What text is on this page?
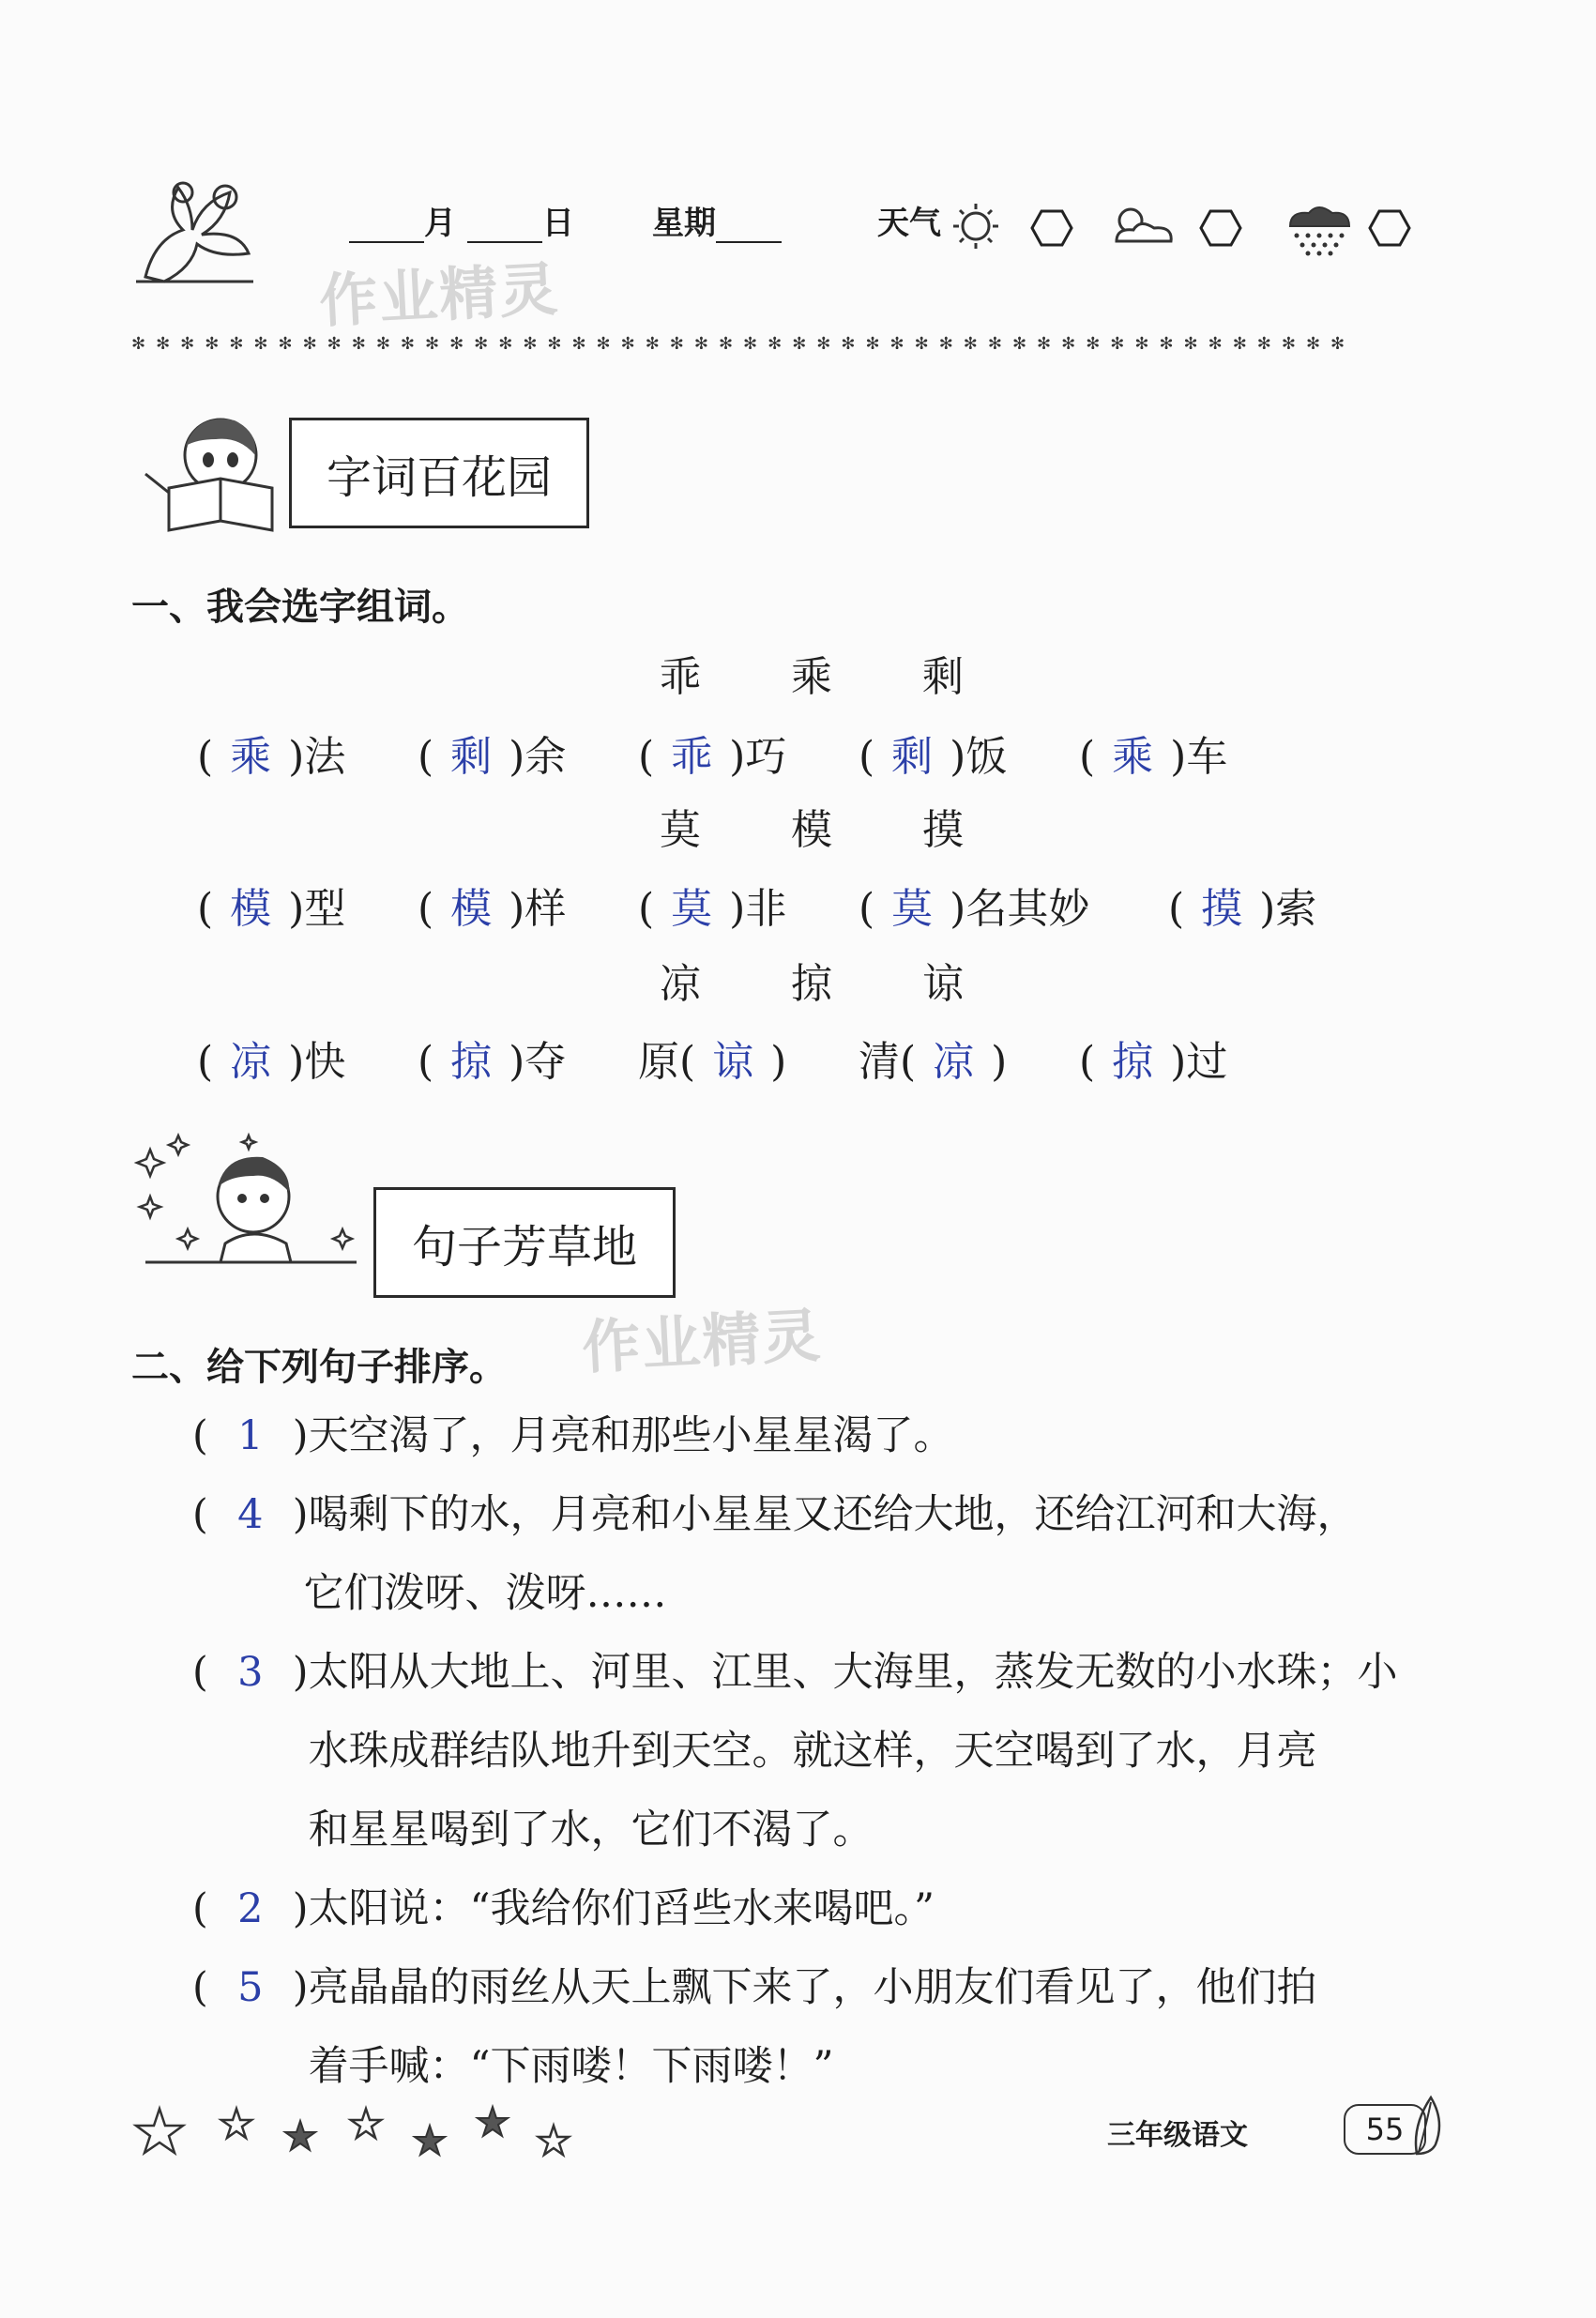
月	日 星期	天气
作业精灵
✻✻✻✻✻✻✻✻✻✻✻✻✻✻✻✻✻✻✻✻✻✻✻✻✻✻✻✻✻✻✻✻✻✻✻✻✻✻✻✻✻✻✻✻✻✻✻✻✻✻
字词百花园
一、我会选字组词。
乖 乘 剩
( 乘 )法 ( 剩 )余 ( 乖 )巧 ( 剩 )饭 ( 乘 )车
莫 模 摸
( 模 )型 ( 模 )样 ( 莫 )非 ( 莫 )名其妙 ( 摸 )索
凉 掠 谅
( 凉 )快 ( 掠 )夺 原( 谅 ) 清( 凉 ) ( 掠 )过
句子芳草地
作业精灵
二、给下列句子排序。
( 1 ) 天空渴了，月亮和那些小星星渴了。
( 4 ) 喝剩下的水，月亮和小星星又还给大地，还给江河和大海，
它们泼呀、泼呀……
( 3 ) 太阳从大地上、河里、江里、大海里，蒸发无数的小水珠；小
水珠成群结队地升到天空。就这样，天空喝到了水，月亮
和星星喝到了水，它们不渴了。
( 2 ) 太阳说：“我给你们舀些水来喝吧。”
( 5 ) 亮晶晶的雨丝从天上飘下来了，小朋友们看见了，他们拍
着手喊：“下雨喽！下雨喽！”
三年级语文	55
